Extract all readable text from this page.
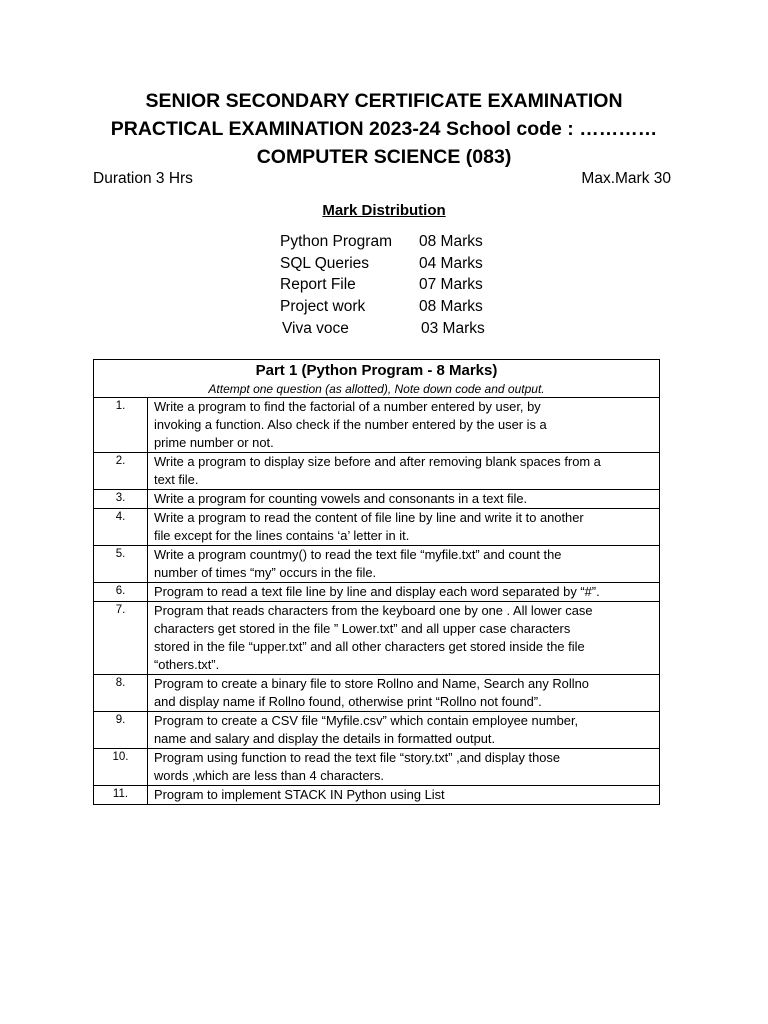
SENIOR SECONDARY CERTIFICATE EXAMINATION
PRACTICAL EXAMINATION 2023-24 School code : …………
COMPUTER SCIENCE (083)
Duration 3 Hrs	Max.Mark 30
Mark Distribution
Python Program 08 Marks
SQL Queries	04 Marks
Report File	07 Marks
Project work	08 Marks
Viva voce	03 Marks
Part 1 (Python Program - 8 Marks)
Attempt one question (as allotted), Note down code and output.	

1.	Write a program to find the factorial of a number entered by user, by
invoking a function. Also check if the number entered by the user is a
prime number or not.

2.	Write a program to display size before and after removing blank spaces from a
text file.

3.	Write a program for counting vowels and consonants in a text file.

4.	Write a program to read the content of file line by line and write it to another
file except for the lines contains ‘a’ letter in it.

5.	Write a program countmy() to read the text file “myfile.txt” and count the
number of times “my” occurs in the file.

6.	Program to read a text file line by line and display each word separated by “#”.

7.	Program that reads characters from the keyboard one by one . All lower case
characters get stored in the file ” Lower.txt” and all upper case characters
stored in the file “upper.txt” and all other characters get stored inside the file
“others.txt”.

8.	Program to create a binary file to store Rollno and Name, Search any Rollno
and display name if Rollno found, otherwise print “Rollno not found”.

9.	Program to create a CSV file “Myfile.csv” which contain employee number,
name and salary and display the details in formatted output.

10.	Program using function to read the text file “story.txt” ,and display those
words ,which are less than 4 characters.

11.	Program to implement STACK IN Python using List
